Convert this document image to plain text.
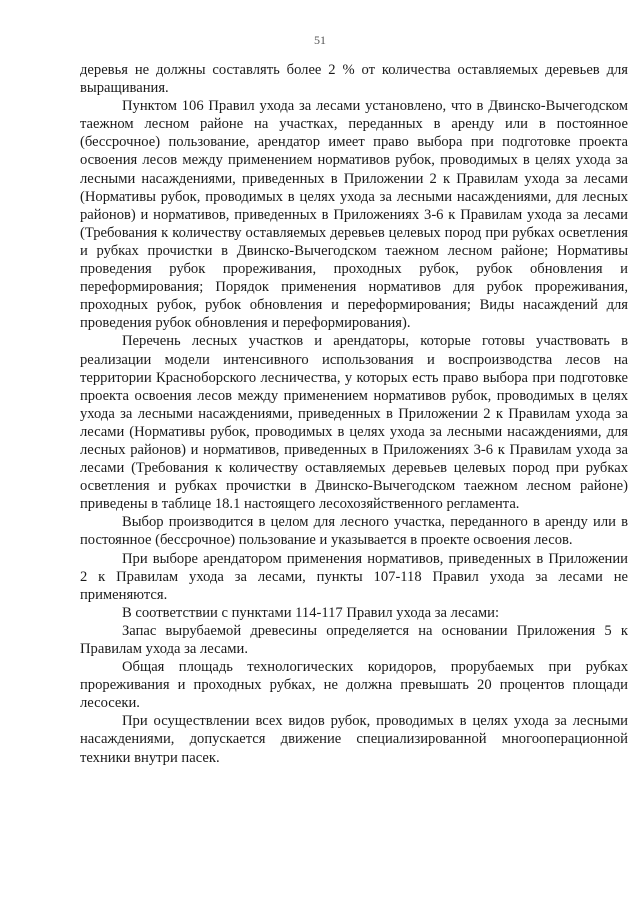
51

деревья не должны составлять более 2 % от количества оставляемых деревьев для выращивания.

Пунктом 106 Правил ухода за лесами установлено, что в Двинско-Вычегодском таежном лесном районе на участках, переданных в аренду или в постоянное (бессрочное) пользование, арендатор имеет право выбора при подготовке проекта освоения лесов между применением нормативов рубок, проводимых в целях ухода за лесными насаждениями, приведенных в Приложении 2 к Правилам ухода за лесами (Нормативы рубок, проводимых в целях ухода за лесными насаждениями, для лесных районов) и нормативов, приведенных в Приложениях 3-6 к Правилам ухода за лесами (Требования к количеству оставляемых деревьев целевых пород при рубках осветления и рубках прочистки в Двинско-Вычегодском таежном лесном районе; Нормативы проведения рубок прореживания, проходных рубок, рубок обновления и переформирования; Порядок применения нормативов для рубок прореживания, проходных рубок, рубок обновления и переформирования; Виды насаждений для проведения рубок обновления и переформирования).

Перечень лесных участков и арендаторы, которые готовы участвовать в реализации модели интенсивного использования и воспроизводства лесов на территории Красноборского лесничества, у которых есть право выбора при подготовке проекта освоения лесов между применением нормативов рубок, проводимых в целях ухода за лесными насаждениями, приведенных в Приложении 2 к Правилам ухода за лесами (Нормативы рубок, проводимых в целях ухода за лесными насаждениями, для лесных районов) и нормативов, приведенных в Приложениях 3-6 к Правилам ухода за лесами (Требования к количеству оставляемых деревьев целевых пород при рубках осветления и рубках прочистки в Двинско-Вычегодском таежном лесном районе) приведены в таблице 18.1 настоящего лесохозяйственного регламента.

Выбор производится в целом для лесного участка, переданного в аренду или в постоянное (бессрочное) пользование и указывается в проекте освоения лесов.

При выборе арендатором применения нормативов, приведенных в Приложении 2 к Правилам ухода за лесами, пункты 107-118 Правил ухода за лесами не применяются.

В соответствии с пунктами 114-117 Правил ухода за лесами:

Запас вырубаемой древесины определяется на основании Приложения 5 к Правилам ухода за лесами.

Общая площадь технологических коридоров, прорубаемых при рубках прореживания и проходных рубках, не должна превышать 20 процентов площади лесосеки.

При осуществлении всех видов рубок, проводимых в целях ухода за лесными насаждениями, допускается движение специализированной многооперационной техники внутри пасек.
